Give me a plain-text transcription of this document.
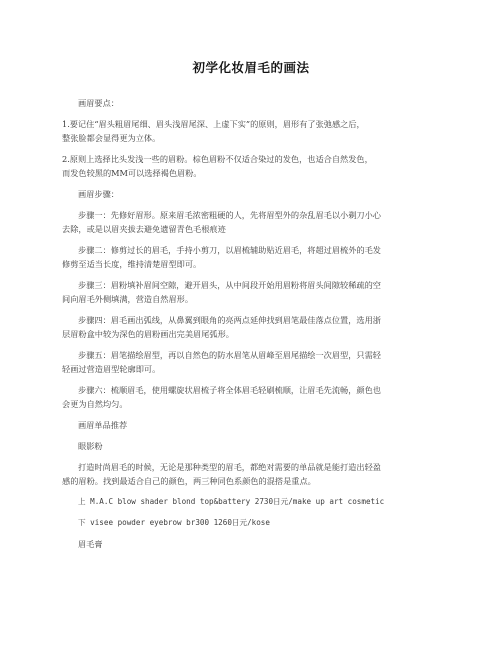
初学化妆眉毛的画法

画眉要点：

1.要记住“眉头粗眉尾细、眉头浅眉尾深、上虚下实”的原则，眉形有了张弛感之后，
整张脸都会显得更为立体。

2.原则上选择比头发浅一些的眉粉。棕色眉粉不仅适合染过的发色，也适合自然发色，
而发色较黑的MM可以选择褐色眉粉。

画眉步骤：

步骤一：先修好眉形。原来眉毛浓密粗硬的人，先将眉型外的杂乱眉毛以小剃刀小心
去除，或是以眉夹拔去避免遗留青色毛根痕迹

步骤二：修剪过长的眉毛，手持小剪刀，以眉梳辅助贴近眉毛，将超过眉梳外的毛发
修剪至适当长度，维持清楚眉型即可。

步骤三：眉粉填补眉间空隙，避开眉头，从中间段开始用眉粉将眉头间隙较稀疏的空
间向眉毛外侧填满，营造自然眉形。

步骤四：眉毛画出弧线，从鼻翼到眼角的亮两点延伸找到眉笔最佳落点位置，选用浙
层眉粉盒中较为深色的眉粉画出完美眉尾弧形。

步骤五：眉笔描绘眉型，再以自然色的防水眉笔从眉峰至眉尾描绘一次眉型，只需轻
轻画过营造眉型轮廓即可。

步骤六：梳顺眉毛，使用螺旋状眉梳子将全体眉毛轻刷梳顺，让眉毛先流畅，颜色也
会更为自然均匀。

画眉单品推荐

眼影粉

打造时尚眉毛的时候，无论是那种类型的眉毛，都绝对需要的单品就是能打造出轻盈
感的眉粉。找到最适合自己的颜色，两三种同色系颜色的混搭是重点。

上 M.A.C blow shader blond top&battery 2730日元/make up art cosmetic

下 visee powder eyebrow br300 1260日元/kose

眉毛膏
